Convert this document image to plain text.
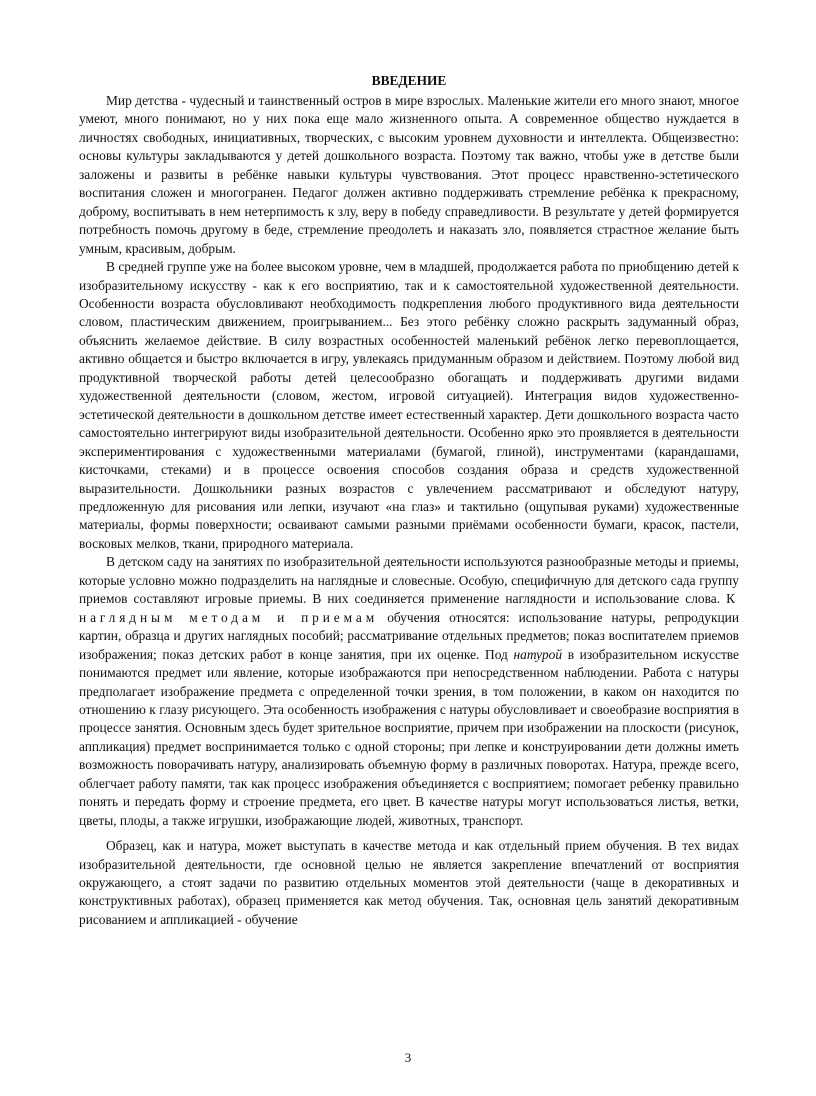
ВВЕДЕНИЕ

Мир детства - чудесный и таинственный остров в мире взрослых. Маленькие жители его много знают, многое умеют, много понимают, но у них пока еще мало жизненного опыта. А современное общество нуждается в личностях свободных, инициативных, творческих, с высоким уровнем духовности и интеллекта. Общеизвестно: основы культуры закладываются у детей дошкольного возраста. Поэтому так важно, чтобы уже в детстве были заложены и развиты в ребёнке навыки культуры чувствования. Этот процесс нравственно-эстетического воспитания сложен и многогранен. Педагог должен активно поддерживать стремление ребёнка к прекрасному, доброму, воспитывать в нем нетерпимость к злу, веру в победу справедливости. В результате у детей формируется потребность помочь другому в беде, стремление преодолеть и наказать зло, появляется страстное желание быть умным, красивым, добрым.

В средней группе уже на более высоком уровне, чем в младшей, продолжается работа по приобщению детей к изобразительному искусству - как к его восприятию, так и к самостоятельной художественной деятельности. Особенности возраста обусловливают необходимость подкрепления любого продуктивного вида деятельности словом, пластическим движением, проигрыванием... Без этого ребёнку сложно раскрыть задуманный образ, объяснить желаемое действие. В силу возрастных особенностей маленький ребёнок легко перевоплощается, активно общается и быстро включается в игру, увлекаясь придуманным образом и действием. Поэтому любой вид продуктивной творческой работы детей целесообразно обогащать и поддерживать другими видами художественной деятельности (словом, жестом, игровой ситуацией). Интеграция видов художественно-эстетической деятельности в дошкольном детстве имеет естественный характер. Дети дошкольного возраста часто самостоятельно интегрируют виды изобразительной деятельности. Особенно ярко это проявляется в деятельности экспериментирования с художественными материалами (бумагой, глиной), инструментами (карандашами, кисточками, стеками) и в процессе освоения способов создания образа и средств художественной выразительности. Дошкольники разных возрастов с увлечением рассматривают и обследуют натуру, предложенную для рисования или лепки, изучают «на глаз» и тактильно (ощупывая руками) художественные материалы, формы поверхности; осваивают самыми разными приёмами особенности бумаги, красок, пастели, восковых мелков, ткани, природного материала.

В детском саду на занятиях по изобразительной деятельности используются разнообразные методы и приемы, которые условно можно подразделить на наглядные и словесные. Особую, специфичную для детского сада группу приемов составляют игровые приемы. В них соединяется применение наглядности и использование слова. К наглядным методам и приемам обучения относятся: использование натуры, репродукции картин, образца и других наглядных пособий; рассматривание отдельных предметов; показ воспитателем приемов изображения; показ детских работ в конце занятия, при их оценке. Под натурой в изобразительном искусстве понимаются предмет или явление, которые изображаются при непосредственном наблюдении. Работа с натуры предполагает изображение предмета с определенной точки зрения, в том положении, в каком он находится по отношению к глазу рисующего. Эта особенность изображения с натуры обусловливает и своеобразие восприятия в процессе занятия. Основным здесь будет зрительное восприятие, причем при изображении на плоскости (рисунок, аппликация) предмет воспринимается только с одной стороны; при лепке и конструировании дети должны иметь возможность поворачивать натуру, анализировать объемную форму в различных поворотах. Натура, прежде всего, облегчает работу памяти, так как процесс изображения объединяется с восприятием; помогает ребенку правильно понять и передать форму и строение предмета, его цвет. В качестве натуры могут использоваться листья, ветки, цветы, плоды, а также игрушки, изображающие людей, животных, транспорт.

Образец, как и натура, может выступать в качестве метода и как отдельный прием обучения. В тех видах изобразительной деятельности, где основной целью не является закрепление впечатлений от восприятия окружающего, а стоят задачи по развитию отдельных моментов этой деятельности (чаще в декоративных и конструктивных работах), образец применяется как метод обучения. Так, основная цель занятий декоративным рисованием и аппликацией - обучение

3
